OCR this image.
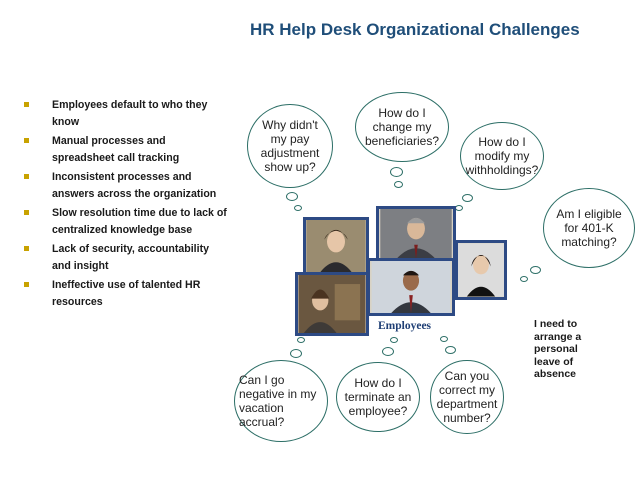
HR Help Desk Organizational Challenges
Employees default to who they know
Manual processes and spreadsheet call tracking
Inconsistent processes and answers across the organization
Slow resolution time due to lack of centralized knowledge base
Lack of security, accountability and insight
Ineffective use of talented HR resources
Why didn't my pay adjustment show up?
How do I change my beneficiaries?	How do I modify my withholdings?
Am I eligible for 401-K matching?
Can I go negative in my vacation accrual?
How do I terminate an employee?
Can you correct my department number?
I need to arrange a personal leave of absence
Employees
